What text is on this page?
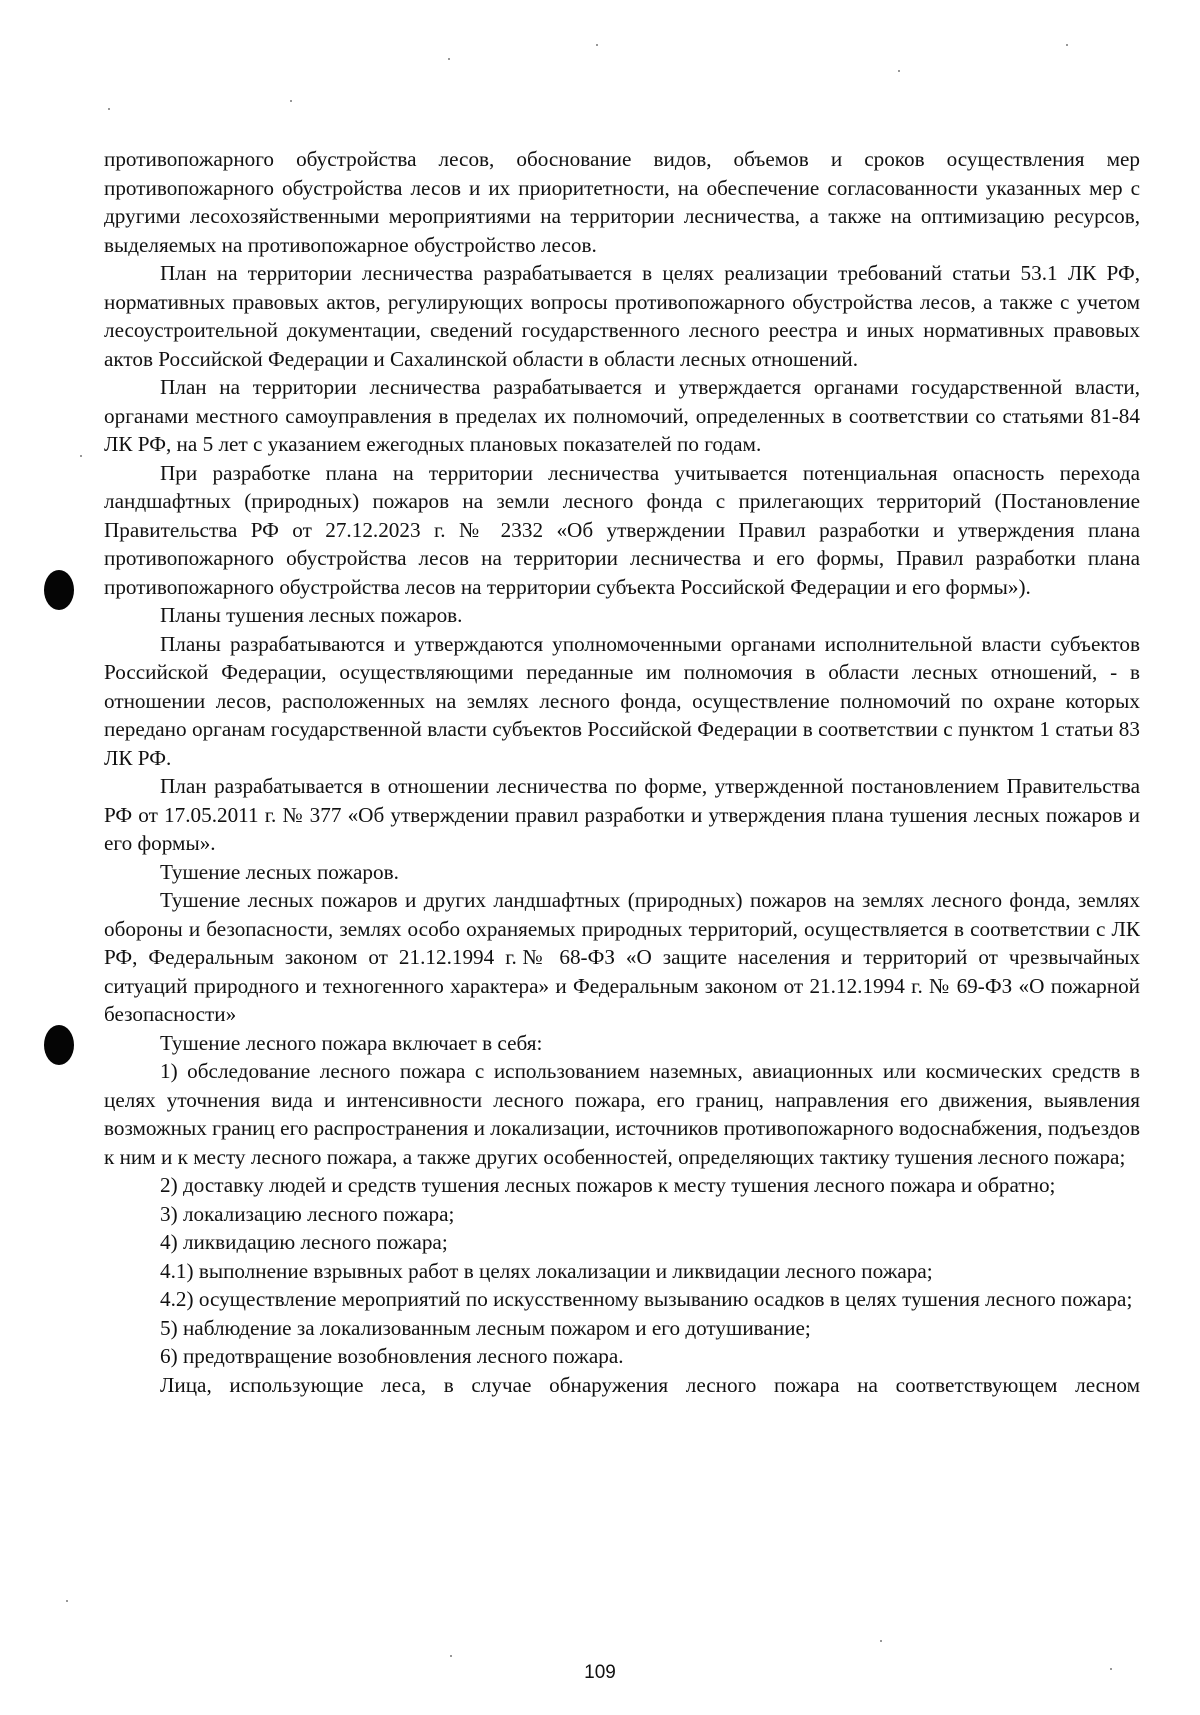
противопожарного обустройства лесов, обоснование видов, объемов и сроков осуществления мер противопожарного обустройства лесов и их приоритетности, на обеспечение согласованности указанных мер с другими лесохозяйственными мероприятиями на территории лесничества, а также на оптимизацию ресурсов, выделяемых на противопожарное обустройство лесов.

План на территории лесничества разрабатывается в целях реализации требований статьи 53.1 ЛК РФ, нормативных правовых актов, регулирующих вопросы противопожарного обустройства лесов, а также с учетом лесоустроительной документации, сведений государственного лесного реестра и иных нормативных правовых актов Российской Федерации и Сахалинской области в области лесных отношений.

План на территории лесничества разрабатывается и утверждается органами государственной власти, органами местного самоуправления в пределах их полномочий, определенных в соответствии со статьями 81-84 ЛК РФ, на 5 лет с указанием ежегодных плановых показателей по годам.

При разработке плана на территории лесничества учитывается потенциальная опасность перехода ландшафтных (природных) пожаров на земли лесного фонда с прилегающих территорий (Постановление Правительства РФ от 27.12.2023 г. № 2332 «Об утверждении Правил разработки и утверждения плана противопожарного обустройства лесов на территории лесничества и его формы, Правил разработки плана противопожарного обустройства лесов на территории субъекта Российской Федерации и его формы»).

Планы тушения лесных пожаров.

Планы разрабатываются и утверждаются уполномоченными органами исполнительной власти субъектов Российской Федерации, осуществляющими переданные им полномочия в области лесных отношений, - в отношении лесов, расположенных на землях лесного фонда, осуществление полномочий по охране которых передано органам государственной власти субъектов Российской Федерации в соответствии с пунктом 1 статьи 83 ЛК РФ.

План разрабатывается в отношении лесничества по форме, утвержденной постановлением Правительства РФ от 17.05.2011 г. № 377 «Об утверждении правил разработки и утверждения плана тушения лесных пожаров и его формы».

Тушение лесных пожаров.

Тушение лесных пожаров и других ландшафтных (природных) пожаров на землях лесного фонда, землях обороны и безопасности, землях особо охраняемых природных территорий, осуществляется в соответствии с ЛК РФ, Федеральным законом от 21.12.1994 г.№ 68-ФЗ «О защите населения и территорий от чрезвычайных ситуаций природного и техногенного характера» и Федеральным законом от 21.12.1994 г. № 69-ФЗ «О пожарной безопасности»

Тушение лесного пожара включает в себя:

1) обследование лесного пожара с использованием наземных, авиационных или космических средств в целях уточнения вида и интенсивности лесного пожара, его границ, направления его движения, выявления возможных границ его распространения и локализации, источников противопожарного водоснабжения, подъездов к ним и к месту лесного пожара, а также других особенностей, определяющих тактику тушения лесного пожара;

2) доставку людей и средств тушения лесных пожаров к месту тушения лесного пожара и обратно;

3) локализацию лесного пожара;

4) ликвидацию лесного пожара;

4.1) выполнение взрывных работ в целях локализации и ликвидации лесного пожара;

4.2) осуществление мероприятий по искусственному вызыванию осадков в целях тушения лесного пожара;

5) наблюдение за локализованным лесным пожаром и его дотушивание;

6) предотвращение возобновления лесного пожара.

Лица, использующие леса, в случае обнаружения лесного пожара на соответствующем лесном

109
